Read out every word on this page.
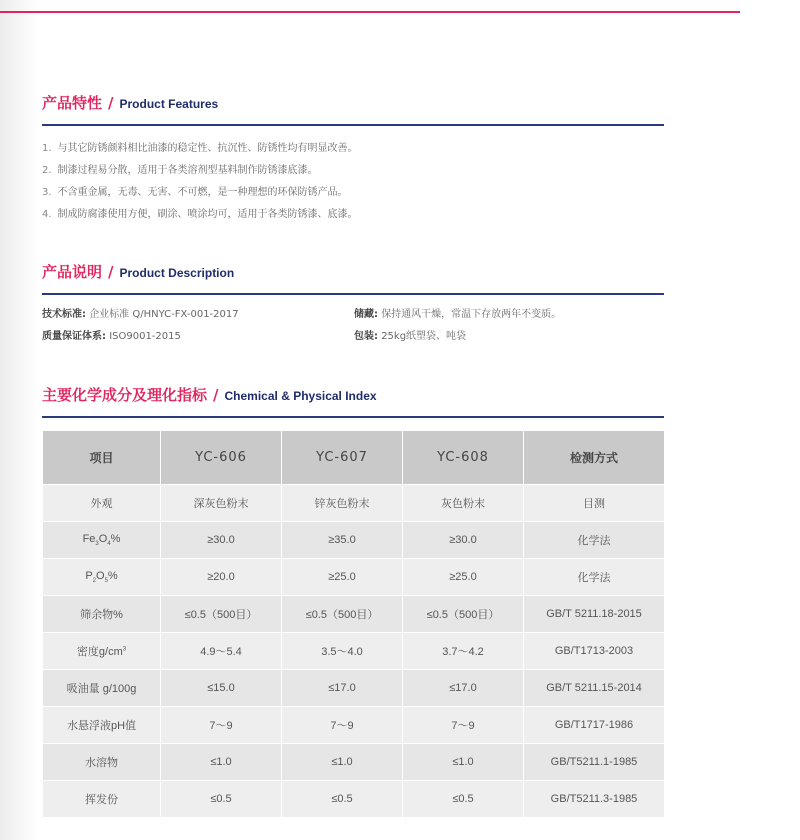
产品特性 / Product Features
1. 与其它防锈颜料相比油漆的稳定性、抗沉性、防锈性均有明显改善。
2. 制漆过程易分散，适用于各类溶剂型基料制作防锈漆底漆。
3. 不含重金属，无毒、无害、不可燃，是一种理想的环保防锈产品。
4. 制成防腐漆使用方便，刷涂、喷涂均可，适用于各类防锈漆、底漆。
产品说明 / Product Description
技术标准: 企业标准 Q/HNYC-FX-001-2017	储藏: 保持通风干燥，常温下存放两年不变质。
质量保证体系: ISO9001-2015	包装: 25kg纸塑袋、吨袋
主要化学成分及理化指标 / Chemical & Physical Index
项目	YC-606	YC-607	YC-608	检测方式
外观	深灰色粉末	锌灰色粉末	灰色粉末	目测
$Fe_3O_4\%$	≥30.0	≥35.0	≥30.0	化学法
$P_2O_5\%$	≥20.0	≥25.0	≥25.0	化学法
筛余物%	≤0.5（500目）	≤0.5（500目）	≤0.5（500目）	GB/T 5211.18-2015
密度$g/cm^3$	4.9～5.4	3.5～4.0	3.7～4.2	GB/T1713-2003
吸油量 g/100g	≤15.0	≤17.0	≤17.0	GB/T 5211.15-2014
水悬浮液pH值	7～9	7～9	7～9	GB/T1717-1986
水溶物	≤1.0	≤1.0	≤1.0	GB/T5211.1-1985
挥发份	≤0.5	≤0.5	≤0.5	GB/T5211.3-1985
